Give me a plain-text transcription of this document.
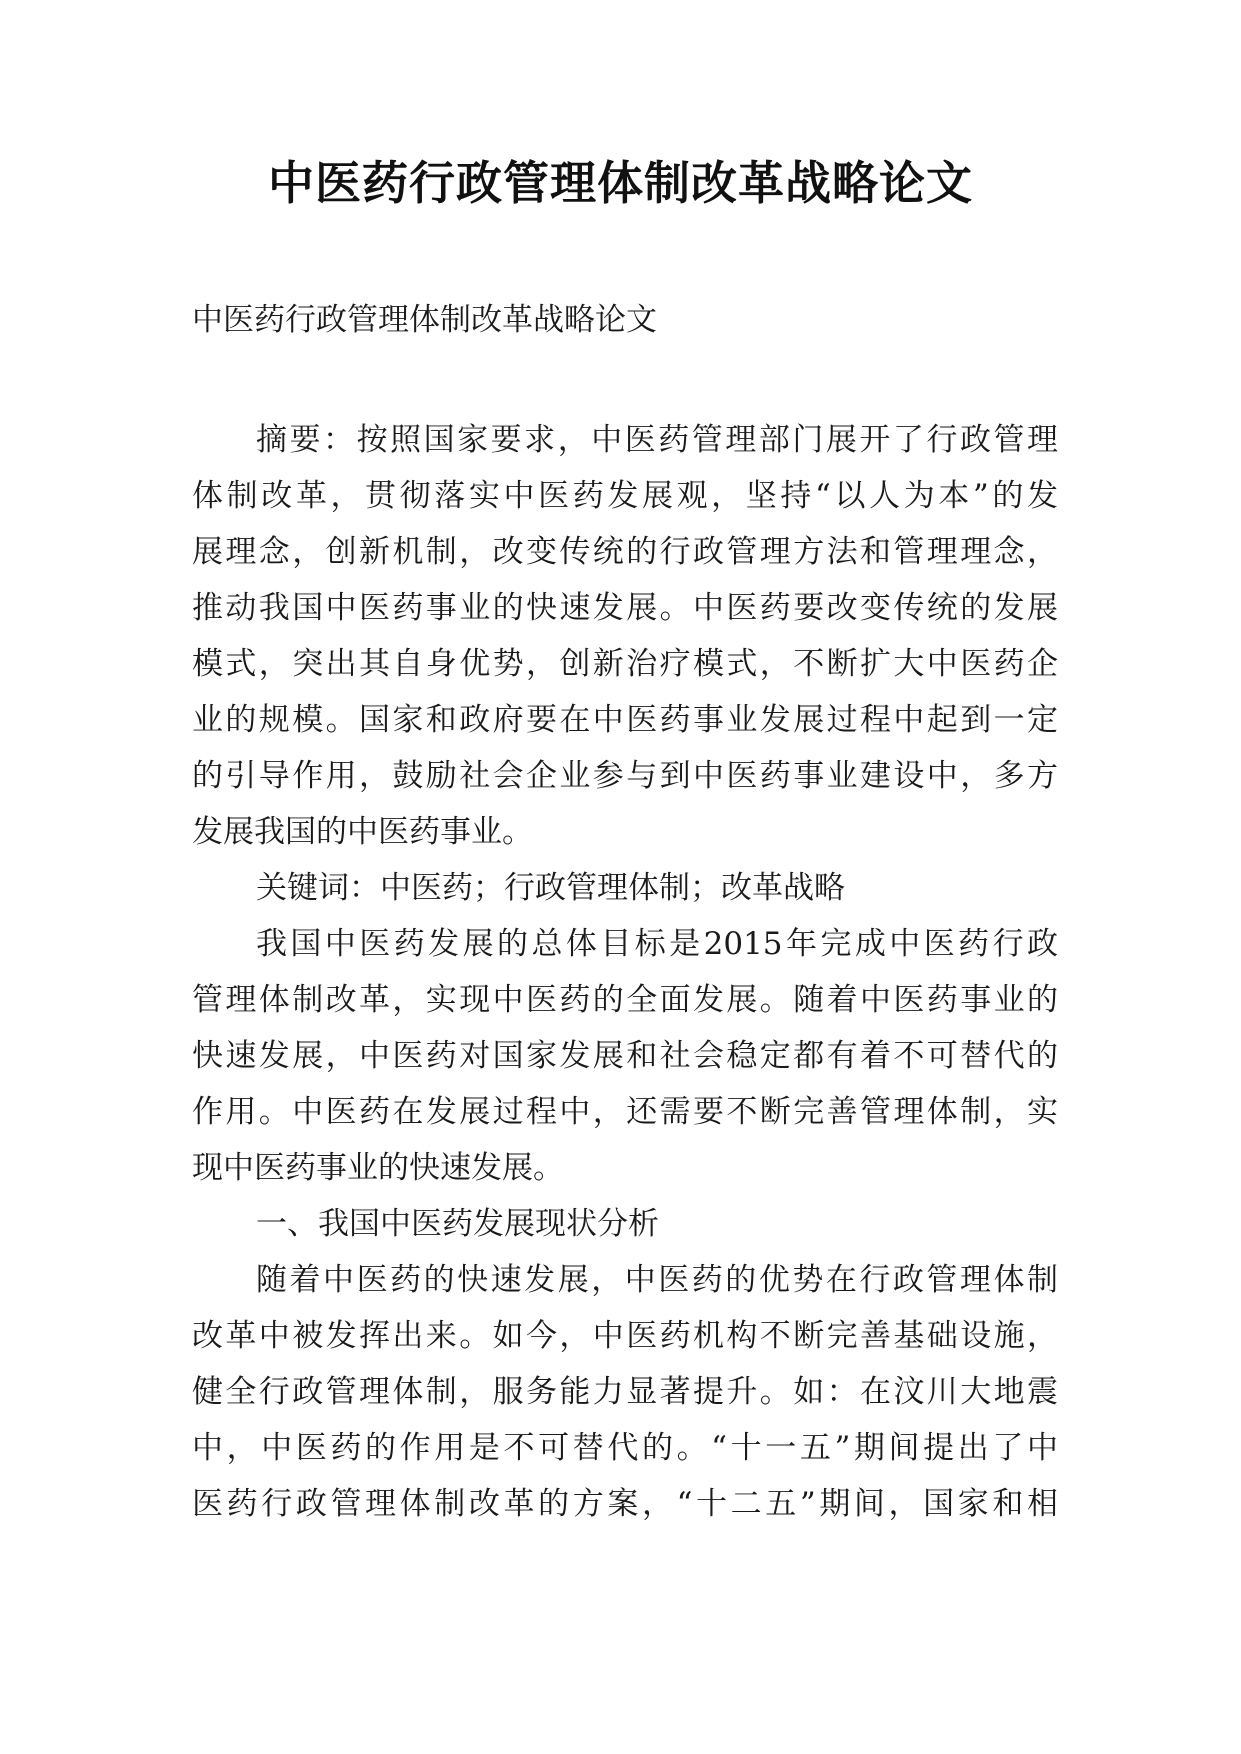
中医药行政管理体制改革战略论文
中医药行政管理体制改革战略论文
摘要：按照国家要求，中医药管理部门展开了行政管理
体制改革，贯彻落实中医药发展观，坚持“以人为本”的发
展理念，创新机制，改变传统的行政管理方法和管理理念，
推动我国中医药事业的快速发展。中医药要改变传统的发展
模式，突出其自身优势，创新治疗模式，不断扩大中医药企
业的规模。国家和政府要在中医药事业发展过程中起到一定
的引导作用，鼓励社会企业参与到中医药事业建设中，多方
发展我国的中医药事业。
关键词：中医药；行政管理体制；改革战略
我国中医药发展的总体目标是2015年完成中医药行政
管理体制改革，实现中医药的全面发展。随着中医药事业的
快速发展，中医药对国家发展和社会稳定都有着不可替代的
作用。中医药在发展过程中，还需要不断完善管理体制，实
现中医药事业的快速发展。
一、我国中医药发展现状分析
随着中医药的快速发展，中医药的优势在行政管理体制
改革中被发挥出来。如今，中医药机构不断完善基础设施，
健全行政管理体制，服务能力显著提升。如：在汶川大地震
中，中医药的作用是不可替代的。“十一五”期间提出了中
医药行政管理体制改革的方案，“十二五”期间，国家和相
